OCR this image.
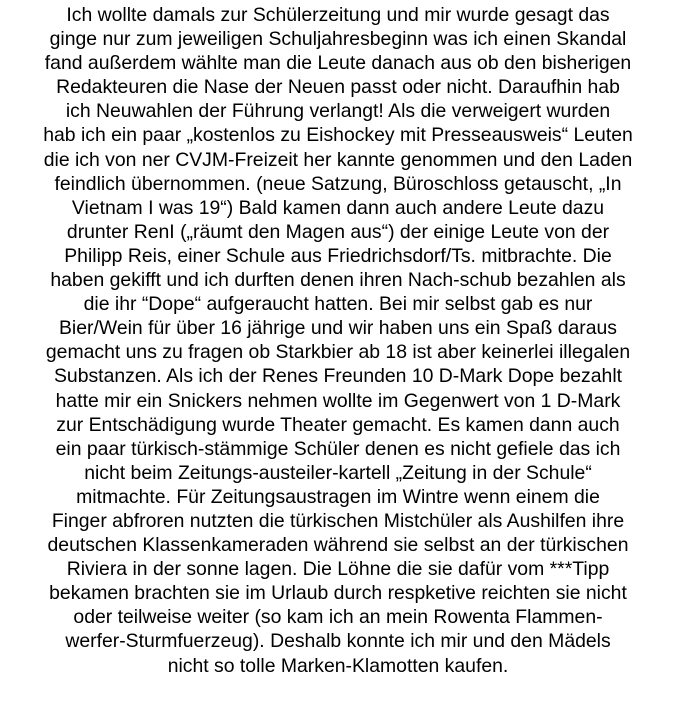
Ich wollte damals zur Schülerzeitung und mir wurde gesagt das
ginge nur zum jeweiligen Schuljahresbeginn was ich einen Skandal
fand außerdem wählte man die Leute danach aus ob den bisherigen
Redakteuren die Nase der Neuen passt oder nicht. Daraufhin hab
ich Neuwahlen der Führung verlangt! Als die verweigert wurden
hab ich ein paar „kostenlos zu Eishockey mit Presseausweis“ Leuten
die ich von ner CVJM-Freizeit her kannte genommen und den Laden
feindlich übernommen. (neue Satzung, Büroschloss getauscht, „In
Vietnam I was 19“) Bald kamen dann auch andere Leute dazu
drunter RenI („räumt den Magen aus“) der einige Leute von der
Philipp Reis, einer Schule aus Friedrichsdorf/Ts. mitbrachte. Die
haben gekifft und ich durften denen ihren Nach-schub bezahlen als
die ihr “Dope“ aufgeraucht hatten. Bei mir selbst gab es nur
Bier/Wein für über 16 jährige und wir haben uns ein Spaß daraus
gemacht uns zu fragen ob Starkbier ab 18 ist aber keinerlei illegalen
Substanzen. Als ich der Renes Freunden 10 D-Mark Dope bezahlt
hatte mir ein Snickers nehmen wollte im Gegenwert von 1 D-Mark
zur Entschädigung wurde Theater gemacht. Es kamen dann auch
ein paar türkisch-stämmige Schüler denen es nicht gefiele das ich
nicht beim Zeitungs-austeiler-kartell „Zeitung in der Schule“
mitmachte. Für Zeitungsaustragen im Wintre wenn einem die
Finger abfroren nutzten die türkischen Mistchüler als Aushilfen ihre
deutschen Klassenkameraden während sie selbst an der türkischen
Riviera in der sonne lagen. Die Löhne die sie dafür vom ***Tipp
bekamen brachten sie im Urlaub durch respketive reichten sie nicht
oder teilweise weiter (so kam ich an mein Rowenta Flammen-
werfer-Sturmfuerzeug). Deshalb konnte ich mir und den Mädels
nicht so tolle Marken-Klamotten kaufen.
